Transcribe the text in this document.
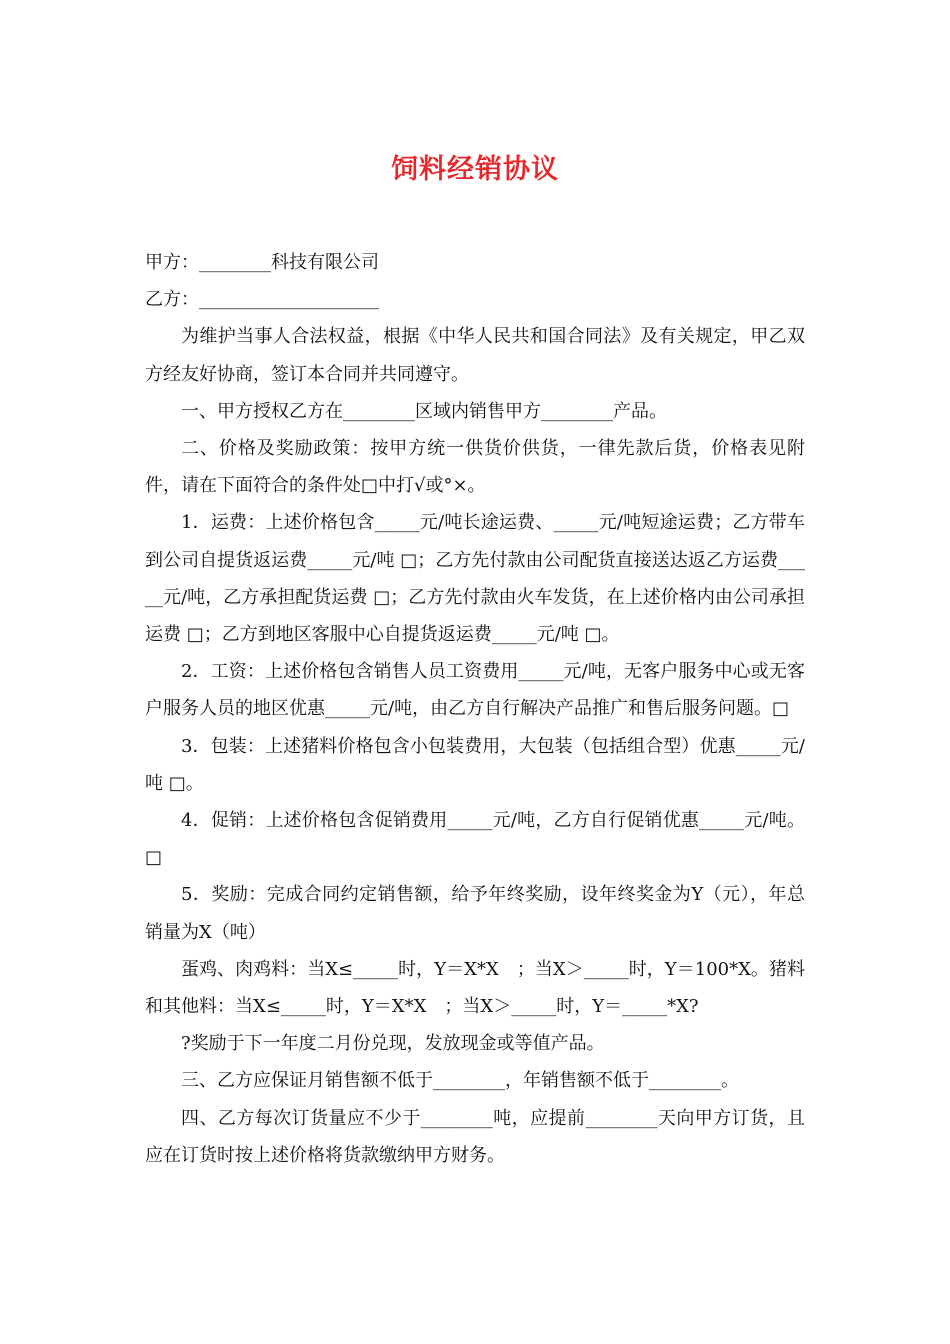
饲料经销协议

甲方：________科技有限公司

乙方：____________________

为维护当事人合法权益，根据《中华人民共和国合同法》及有关规定，甲乙双方经友好协商，签订本合同并共同遵守。

一、甲方授权乙方在________区域内销售甲方________产品。

二、价格及奖励政策：按甲方统一供货价供货，一律先款后货，价格表见附件，请在下面符合的条件处□中打√或°×。

1．运费：上述价格包含_____元/吨长途运费、_____元/吨短途运费；乙方带车到公司自提货返运费_____元/吨 □；乙方先付款由公司配货直接送达返乙方运费_____元/吨，乙方承担配货运费 □；乙方先付款由火车发货，在上述价格内由公司承担运费 □；乙方到地区客服中心自提货返运费_____元/吨 □。

2．工资：上述价格包含销售人员工资费用_____元/吨，无客户服务中心或无客户服务人员的地区优惠_____元/吨，由乙方自行解决产品推广和售后服务问题。□

3．包装：上述猪料价格包含小包装费用，大包装（包括组合型）优惠_____元/吨 □。

4．促销：上述价格包含促销费用_____元/吨，乙方自行促销优惠_____元/吨。□

5．奖励：完成合同约定销售额，给予年终奖励，设年终奖金为Y（元），年总销量为X（吨）

蛋鸡、肉鸡料：当X≤_____时，Y＝X*X　；当X＞_____时，Y＝100*X。猪料和其他料：当X≤_____时，Y＝X*X　；当X＞_____时，Y＝_____*X?

?奖励于下一年度二月份兑现，发放现金或等值产品。

三、乙方应保证月销售额不低于________，年销售额不低于________。

四、乙方每次订货量应不少于________吨，应提前________天向甲方订货，且应在订货时按上述价格将货款缴纳甲方财务。
